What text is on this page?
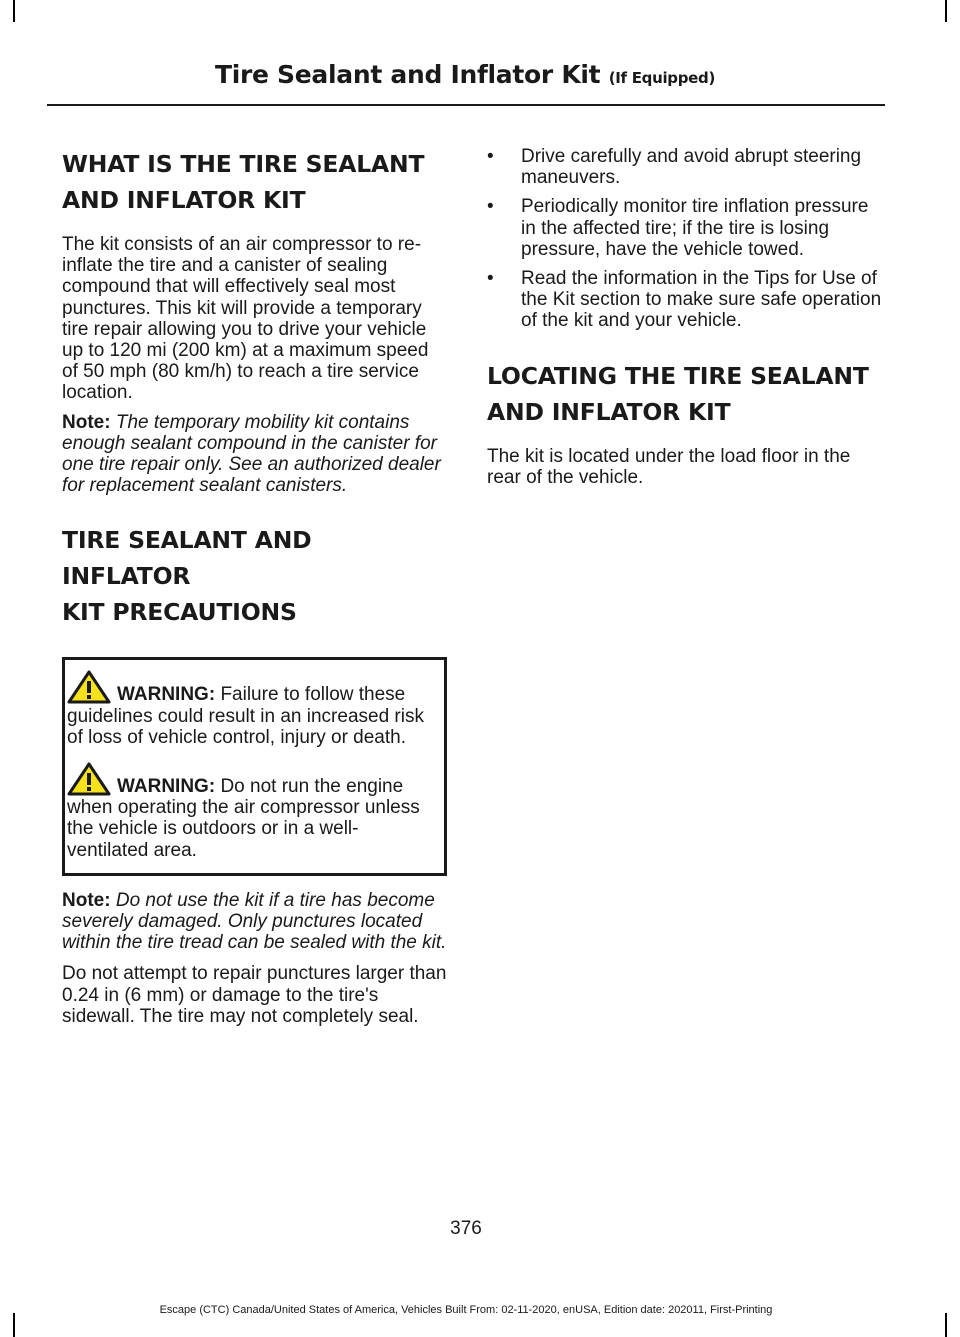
Tire Sealant and Inflator Kit (If Equipped)
WHAT IS THE TIRE SEALANT
AND INFLATOR KIT

The kit consists of an air compressor to re-inflate the tire and a canister of sealing compound that will effectively seal most punctures. This kit will provide a temporary tire repair allowing you to drive your vehicle up to 120 mi (200 km) at a maximum speed of 50 mph (80 km/h) to reach a tire service location.

Note: The temporary mobility kit contains enough sealant compound in the canister for one tire repair only. See an authorized dealer for replacement sealant canisters.

TIRE SEALANT AND INFLATOR
KIT PRECAUTIONS
WARNING: Failure to follow these guidelines could result in an increased risk of loss of vehicle control, injury or death.
WARNING: Do not run the engine when operating the air compressor unless the vehicle is outdoors or in a well-ventilated area.

Note: Do not use the kit if a tire has become severely damaged. Only punctures located within the tire tread can be sealed with the kit.

Do not attempt to repair punctures larger than 0.24 in (6 mm) or damage to the tire's sidewall. The tire may not completely seal.

• Drive carefully and avoid abrupt steering maneuvers.
• Periodically monitor tire inflation pressure in the affected tire; if the tire is losing pressure, have the vehicle towed.
• Read the information in the Tips for Use of the Kit section to make sure safe operation of the kit and your vehicle.
LOCATING THE TIRE SEALANT
AND INFLATOR KIT

The kit is located under the load floor in the rear of the vehicle.

376
Escape (CTC) Canada/United States of America, Vehicles Built From: 02-11-2020, enUSA, Edition date: 202011, First-Printing
